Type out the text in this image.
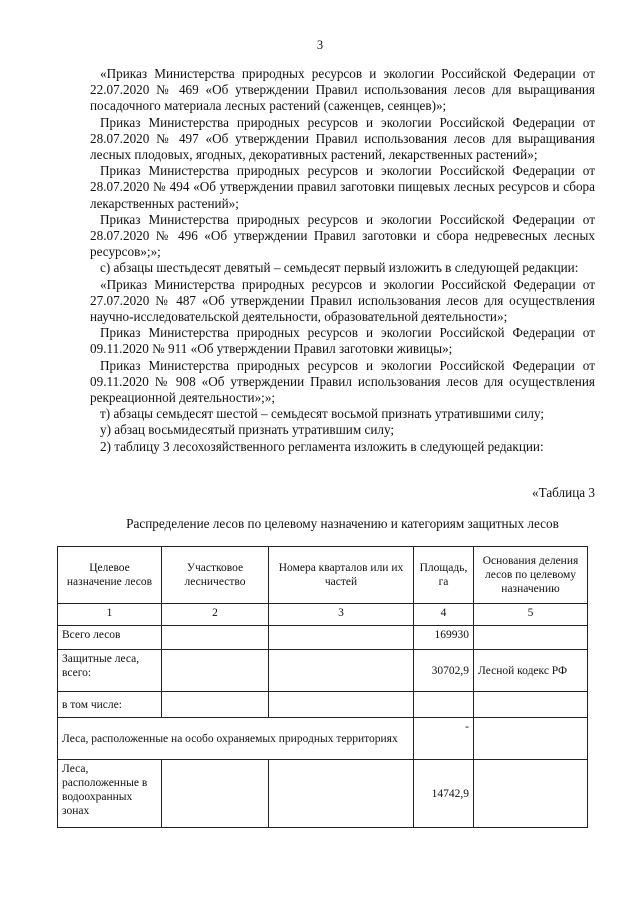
3

«Приказ Министерства природных ресурсов и экологии Российской Федерации от 22.07.2020 № 469 «Об утверждении Правил использования лесов для выращивания посадочного материала лесных растений (саженцев, сеянцев)»;

Приказ Министерства природных ресурсов и экологии Российской Федерации от 28.07.2020 № 497 «Об утверждении Правил использования лесов для выращивания лесных плодовых, ягодных, декоративных растений, лекарственных растений»;

Приказ Министерства природных ресурсов и экологии Российской Федерации от 28.07.2020 № 494 «Об утверждении правил заготовки пищевых лесных ресурсов и сбора лекарственных растений»;

Приказ Министерства природных ресурсов и экологии Российской Федерации от 28.07.2020 № 496 «Об утверждении Правил заготовки и сбора недревесных лесных ресурсов»;»;

с) абзацы шестьдесят девятый – семьдесят первый изложить в следующей редакции:

«Приказ Министерства природных ресурсов и экологии Российской Федерации от 27.07.2020 № 487 «Об утверждении Правил использования лесов для осуществления научно-исследовательской деятельности, образовательной деятельности»;

Приказ Министерства природных ресурсов и экологии Российской Федерации от 09.11.2020 № 911 «Об утверждении Правил заготовки живицы»;

Приказ Министерства природных ресурсов и экологии Российской Федерации от 09.11.2020 № 908 «Об утверждении Правил использования лесов для осуществления рекреационной деятельности»;»;

т) абзацы семьдесят шестой – семьдесят восьмой признать утратившими силу;

у) абзац восьмидесятый признать утратившим силу;

2) таблицу 3 лесохозяйственного регламента изложить в следующей редакции:

«Таблица 3
Распределение лесов по целевому назначению и категориям защитных лесов
Целевое назначение лесов	Участковое лесничество	Номера кварталов или их частей	Площадь, га	Основания деления лесов по целевому назначению
1	2	3	4	5
Всего лесов			169930	
Защитные леса, всего:			30702,9	Лесной кодекс РФ
в том числе:				
Леса, расположенные на особо охраняемых природных территориях			-	
Леса, расположенные в водоохранных зонах			14742,9	
